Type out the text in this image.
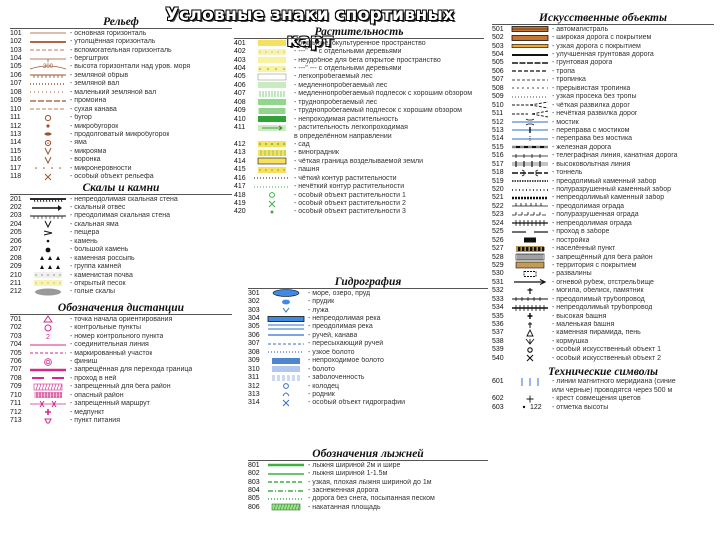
Условные знаки спортивных карт
Рельеф
101	- основная горизонталь
102	- утолщённая горизонталь
103	- вспомогательная горизонталь
104	- бергштрих
105	300 - высота горизонтали над уров. моря
106	- земляной обрыв
107	- земляной вал
108	- маленький земляной вал
109	- промоина
110	- сухая канава
111	- бугор
112	- микробугорок
113	- продолговатый микробугорок
114	- яма
115	- микрояма
116	- воронка
117	- микронеровности
118	- особый объект рельефа
Скалы и камни
201	- непреодолимая скальная стена
202	- скальный отвес
203	- преодолимая скальная стена
204	- скальная яма
205	- пещера
206	- камень
207	- большой камень
208	- каменная россыпь
209	- группа камней
210	- каменистая почва
211	- открытый песок
212	- голые скалы
Обозначения дистанции
701	- точка начала ориентирования
702	- контрольные пункты
703	2	- номер контрольного пункта
704	- соединительная линия
705	- маркированный участок
706	- финиш
707	- запрещённая для перехода граница
708	- проход в ней
709	- запрещенный для бега район
710	- опасный район
711	- запрещенный маршрут
712	- медпункт
713	- пункт питания
Растительность
401	- открытое, окультуренное пространство
402	- ---" --- с отдельными деревьями
403	- неудобное для бега открытое пространство
404	- ---" --- с отдельными деревьями
405	- легкопробегаемый лес
406	- медленнопробегаемый лес
407	- медленнопробегаемый подлесок с хорошим обзором
408	- труднопробегаемый лес
409	- труднопробегаемый подлесок с хорошим обзором
410	- непроходимая растительность
411	- растительность легкопроходимая
в определённом направлении
412	- сад
413	- виноградник
414	- чёткая граница возделываемой земли
415	- пашня
416	- чёткий контур растительности
417	- нечёткий контур растительности
418	- особый объект растительности 1
419	- особый объект растительности 2
420	- особый объект растительности 3
Гидрография
301	- море, озеро, пруд
302	- прудик
303	- лужа
304	- непреодолимая река
305	- преодолимая река
306	- ручей, канава
307	- пересыхающий ручей
308	- узкое болото
309	- непроходимое болото
310	- болото
311	- заболоченность
312	- колодец
313	- родник
314	- особый объект гидрографии
Обозначения лыжней
801	- лыжня шириной 2м и шире
802	- лыжня шириной 1-1.5м
803	- узкая, плохая лыжня шириной до 1м
804	- заснеженная дорога
805	- дорога без снега, посыпанная песком
806	- накатанная площадь
Искусственные объекты
501	- автомагистраль
502	- широкая дорога с покрытием
503	- узкая дорога с покрытием
504	- улучшенная грунтовая дорога
505	- грунтовая дорога
506	- тропа
507	- тропинка
508	- прерывистая тропинка
509	- узкая просека без тропы
510	- чёткая развилка дорог
511	- нечёткая развилка дорог
512	- мостик
513	- переправа с мостиком
514	- переправа без мостика
515	- железная дорога
516	- телеграфная линия, канатная дорога
517	- высоковольтная линия
518	- тоннель
519	- преодолимый каменный забор
520	- полуразрушенный каменный забор
521	- непреодолимый каменный забор
522	- преодолимая ограда
523	- полуразрушенная ограда
524	- непреодолимая ограда
525	- проход в заборе
526	- постройка
527	- населённый пункт
528	- запрещённый для бега район
529	- территория с покрытием
530	- развалины
531	- огневой рубеж, отстрельбище
532	- могила, обелиск, памятник
533	- преодолимый трубопровод
534	- непреодолимый трубопровод
535	- высокая башня
536	- маленькая башня
537	- каменная пирамида, пень
538	- кормушка
539	- особый искусственный объект 1
540	- особый искусственный объект 2
Технические символы
601	- линии магнитного меридиана (синие
или черные) проводятся через 500 м
602	- крест совмещения цветов
603	122 - отметка высоты
